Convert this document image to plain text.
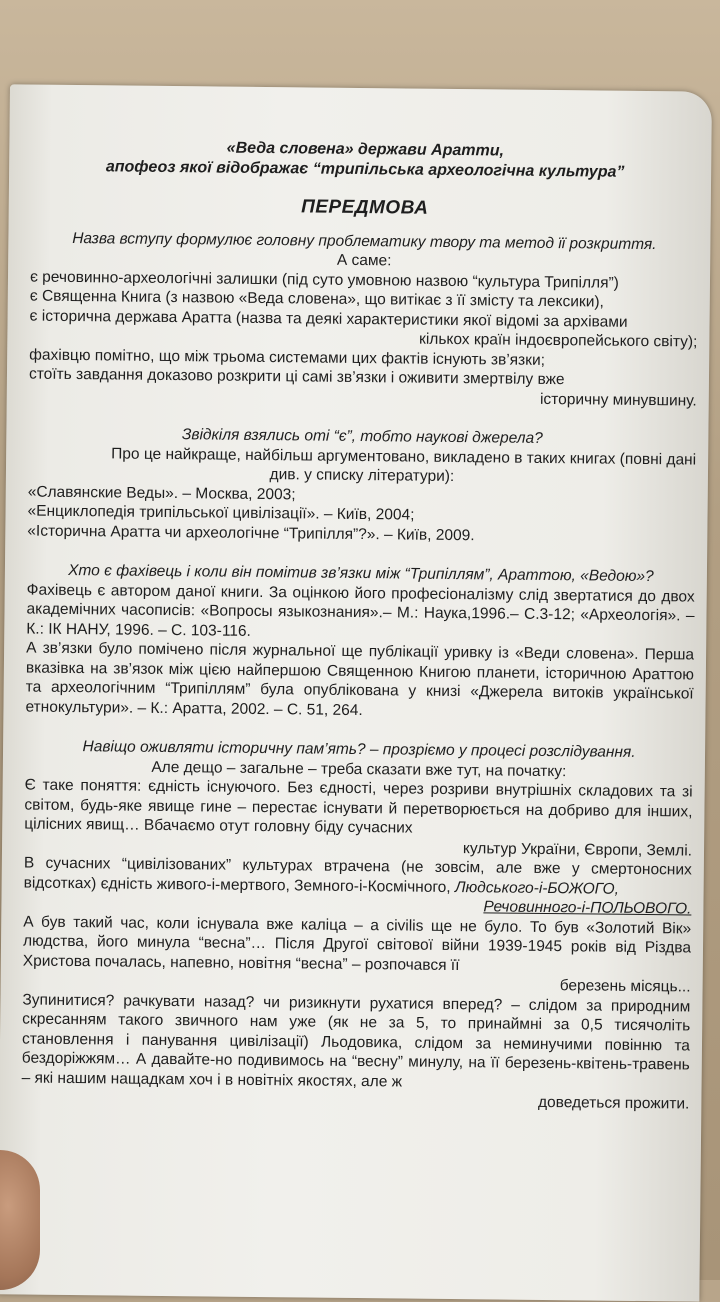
«Веда словена» держави Аратти,

апофеоз якої відображає “трипільська археологічна культура”

ПЕРЕДМОВА

Назва вступу формулює головну проблематику твору та метод її розкриття.

А саме:

є речовинно-археологічні залишки (під суто умовною назвою “культура Трипілля”)

є Священна Книга (з назвою «Веда словена», що витікає з її змісту та лексики),

є історична держава Аратта (назва та деякі характеристики якої відомі за архівами

кількох країн індоєвропейського світу);

фахівцю помітно, що між трьома системами цих фактів існують зв’язки;

стоїть завдання доказово розкрити ці самі зв’язки і оживити змертвілу вже

історичну минувшину.

Звідкіля взялись оті “є”, тобто наукові джерела?

Про це найкраще, найбільш аргументовано, викладено в таких книгах (повні дані

див. у списку літератури):

«Славянские Веды». – Москва, 2003;

«Енциклопедія трипільської цивілізації». – Київ, 2004;

«Історична Аратта чи археологічне “Трипілля”?». – Київ, 2009.

Хто є фахівець і коли він помітив зв’язки між “Трипіллям”, Араттою, «Ведою»?

Фахівець є автором даної книги. За оцінкою його професіоналізму слід звертатися до двох академічних часописів: «Вопросы языкознания».– М.: Наука,1996.– С.3-12; «Археологія». – К.: ІК НАНУ, 1996. – С. 103-116.

А зв’язки було помічено після журнальної ще публікації уривку із «Веди словена». Перша вказівка на зв’язок між цією найпершою Священною Книгою планети, історичною Араттою та археологічним “Трипіллям” була опублікована у книзі «Джерела витоків української етнокультури». – К.: Аратта, 2002. – С. 51, 264.

Навіщо оживляти історичну пам’ять? – прозріємо у процесі розслідування.

Але дещо – загальне – треба сказати вже тут, на початку:

Є таке поняття: єдність існуючого. Без єдності, через розриви внутрішніх складових та зі світом, будь-яке явище гине – перестає існувати й перетворюється на добриво для інших, цілісних явищ… Вбачаємо отут головну біду сучасних

культур України, Європи, Землі.

В сучасних “цивілізованих” культурах втрачена (не зовсім, але вже у смертоносних відсотках) єдність живого-і-мертвого, Земного-і-Космічного, Людського-і-БОЖОГО,

Речовинного-і-ПОЛЬОВОГО.

А був такий час, коли існувала вже каліца – а civilis ще не було. То був «Золотий Вік» людства, його минула “весна”… Після Другої світової війни 1939-1945 років від Різдва Христова почалась, напевно, новітня “весна” – розпочався її

березень місяць...

Зупинитися? рачкувати назад? чи ризикнути рухатися вперед? – слідом за природним скресанням такого звичного нам уже (як не за 5, то принаймні за 0,5 тисячоліть становлення і панування цивілізації) Льодовика, слідом за неминучими повінню та бездоріжжям… А давайте-но подивимось на “весну” минулу, на її березень-квітень-травень – які нашим нащадкам хоч і в новітніх якостях, але ж

доведеться прожити.
